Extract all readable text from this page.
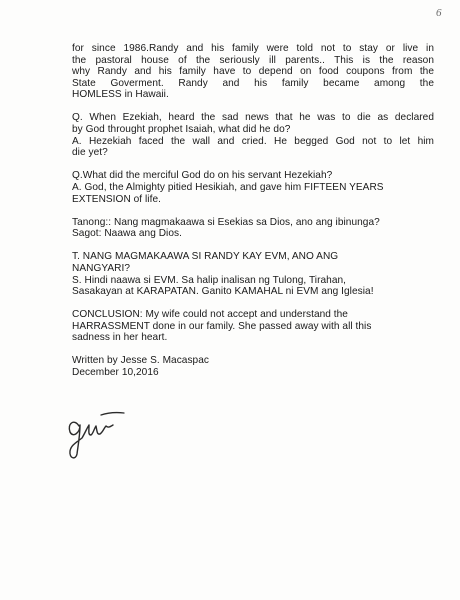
6

for since 1986.Randy and his family were told not to stay or live in
the pastoral house of the seriously ill parents.. This is the reason
why Randy and his family have to depend on food coupons from the
State Goverment. Randy and his family became among the
HOMLESS in Hawaii.

Q. When Ezekiah, heard the sad news that he was to die as declared
by God throught prophet Isaiah, what did he do?
A. Hezekiah faced the wall and cried. He begged God not to let him
die yet?

Q.What did the merciful God do on his servant Hezekiah?
A. God, the Almighty pitied Hesikiah, and gave him FIFTEEN YEARS
EXTENSION of life.

Tanong:: Nang magmakaawa si Esekias sa Dios, ano ang ibinunga?
Sagot: Naawa ang Dios.

T. NANG MAGMAKAAWA SI RANDY KAY EVM, ANO ANG
NANGYARI?
S. Hindi naawa si EVM. Sa halip inalisan ng Tulong, Tirahan,
Sasakayan at KARAPATAN. Ganito KAMAHAL ni EVM ang Iglesia!

CONCLUSION: My wife could not accept and understand the
HARRASSMENT done in our family. She passed away with all this
sadness in her heart.

Written by Jesse S. Macaspac
December 10,2016
